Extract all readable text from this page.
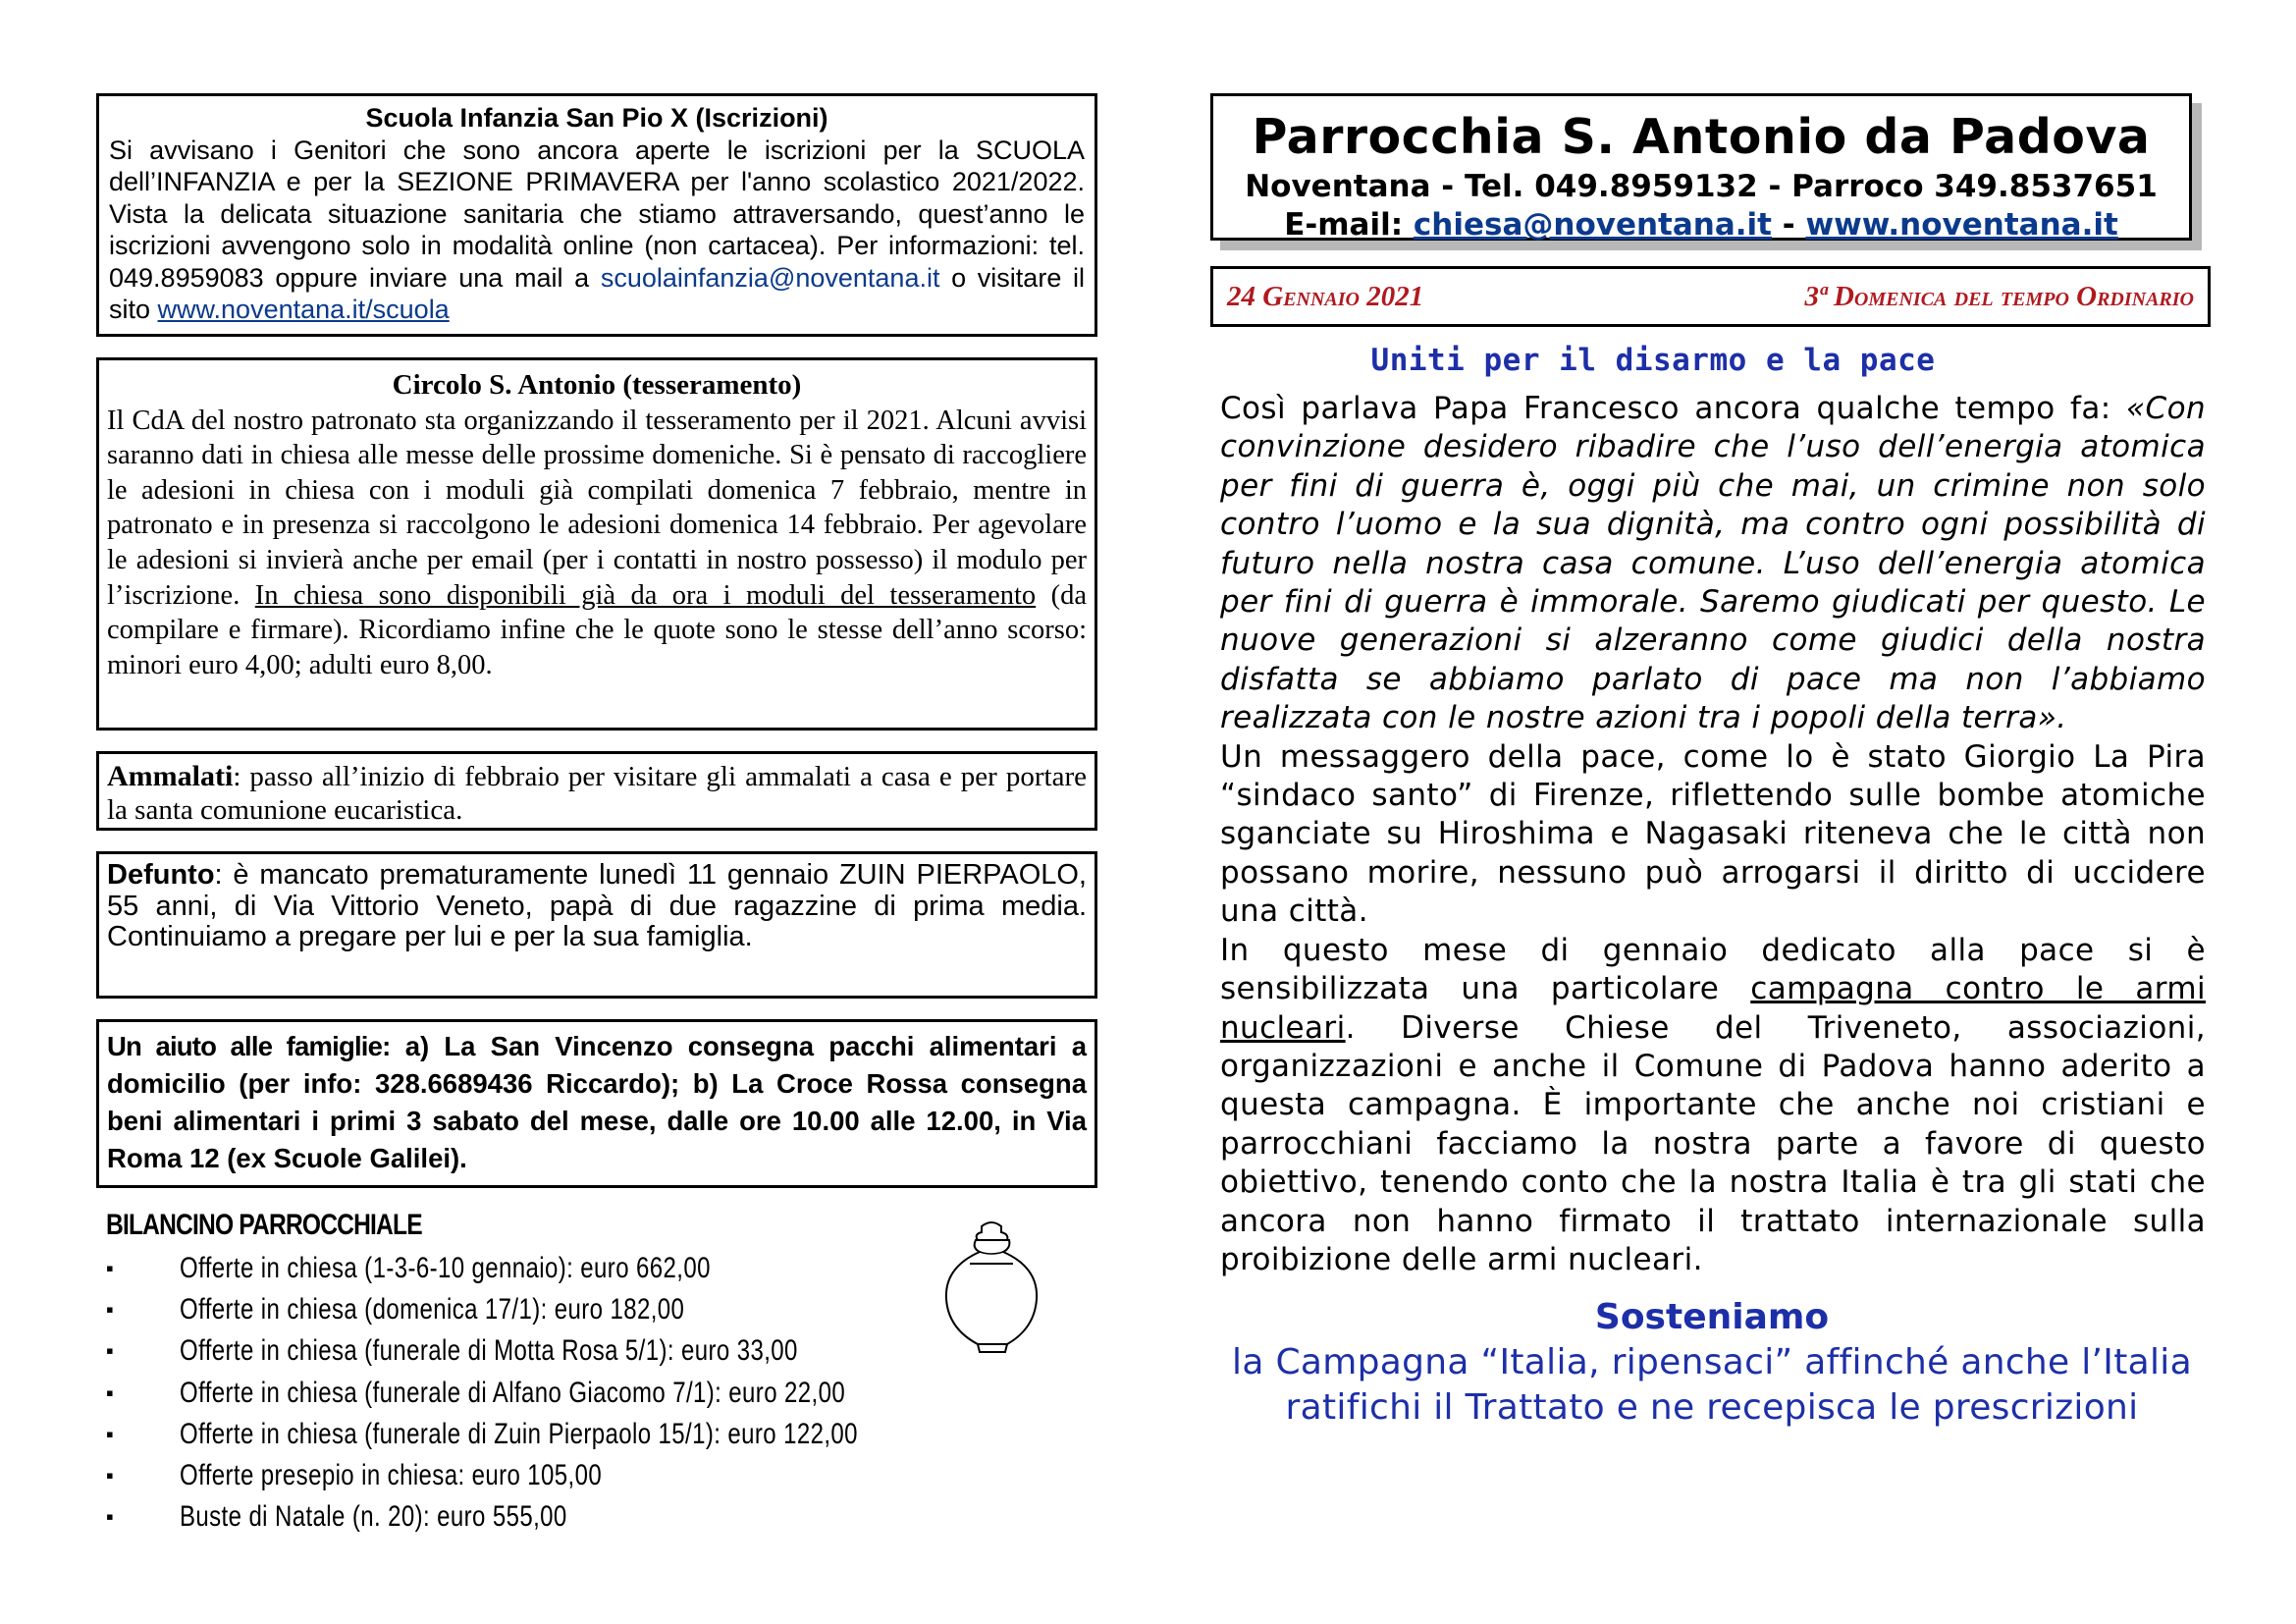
Scuola Infanzia San Pio X (Iscrizioni)
Si avvisano i Genitori che sono ancora aperte le iscrizioni per la SCUOLA dell’INFANZIA e per la SEZIONE PRIMAVERA per l'anno scolastico 2021/2022. Vista la delicata situazione sanitaria che stiamo attraversando, quest’anno le iscrizioni avvengono solo in modalità online (non cartacea). Per informazioni: tel. 049.8959083 oppure inviare una mail a scuolainfanzia@noventana.it o visitare il sito www.noventana.it/scuola
Circolo S. Antonio (tesseramento)
Il CdA del nostro patronato sta organizzando il tesseramento per il 2021. Alcuni avvisi saranno dati in chiesa alle messe delle prossime domeniche. Si è pensato di raccogliere le adesioni in chiesa con i moduli già compilati domenica 7 febbraio, mentre in patronato e in presenza si raccolgono le adesioni domenica 14 febbraio. Per agevolare le adesioni si invierà anche per email (per i contatti in nostro possesso) il modulo per l’iscrizione. In chiesa sono disponibili già da ora i moduli del tesseramento (da compilare e firmare). Ricordiamo infine che le quote sono le stesse dell’anno scorso: minori euro 4,00; adulti euro 8,00.
Ammalati: passo all’inizio di febbraio per visitare gli ammalati a casa e per portare la santa comunione eucaristica.
Defunto: è mancato prematuramente lunedì 11 gennaio ZUIN PIERPAOLO, 55 anni, di Via Vittorio Veneto, papà di due ragazzine di prima media. Continuiamo a pregare per lui e per la sua famiglia.
Un aiuto alle famiglie: a) La San Vincenzo consegna pacchi alimentari a domicilio (per info: 328.6689436 Riccardo); b) La Croce Rossa consegna beni alimentari i primi 3 sabato del mese, dalle ore 10.00 alle 12.00, in Via Roma 12 (ex Scuole Galilei).
BILANCINO PARROCCHIALE
▪ Offerte in chiesa (1-3-6-10 gennaio): euro 662,00
▪ Offerte in chiesa (domenica 17/1): euro 182,00
▪ Offerte in chiesa (funerale di Motta Rosa 5/1): euro 33,00
▪ Offerte in chiesa (funerale di Alfano Giacomo 7/1): euro 22,00
▪ Offerte in chiesa (funerale di Zuin Pierpaolo 15/1): euro 122,00
▪ Offerte presepio in chiesa: euro 105,00
▪ Buste di Natale (n. 20): euro 555,00
Parrocchia S. Antonio da Padova
Noventana - Tel. 049.8959132 - Parroco 349.8537651
E-mail: chiesa@noventana.it - www.noventana.it
24 Gennaio 2021	3ª Domenica del tempo Ordinario
Uniti per il disarmo e la pace

Così parlava Papa Francesco ancora qualche tempo fa: «Con convinzione desidero ribadire che l’uso dell’energia atomica per fini di guerra è, oggi più che mai, un crimine non solo contro l’uomo e la sua dignità, ma contro ogni possibilità di futuro nella nostra casa comune. L’uso dell’energia atomica per fini di guerra è immorale. Saremo giudicati per questo. Le nuove generazioni si alzeranno come giudici della nostra disfatta se abbiamo parlato di pace ma non l’abbiamo realizzata con le nostre azioni tra i popoli della terra».

Un messaggero della pace, come lo è stato Giorgio La Pira “sindaco santo” di Firenze, riflettendo sulle bombe atomiche sganciate su Hiroshima e Nagasaki riteneva che le città non possano morire, nessuno può arrogarsi il diritto di uccidere una città.

In questo mese di gennaio dedicato alla pace si è sensibilizzata una particolare campagna contro le armi nucleari. Diverse Chiese del Triveneto, associazioni, organizzazioni e anche il Comune di Padova hanno aderito a questa campagna. È importante che anche noi cristiani e parrocchiani facciamo la nostra parte a favore di questo obiettivo, tenendo conto che la nostra Italia è tra gli stati che ancora non hanno firmato il trattato internazionale sulla proibizione delle armi nucleari.

Sosteniamo
la Campagna “Italia, ripensaci” affinché anche l’Italia
ratifichi il Trattato e ne recepisca le prescrizioni
